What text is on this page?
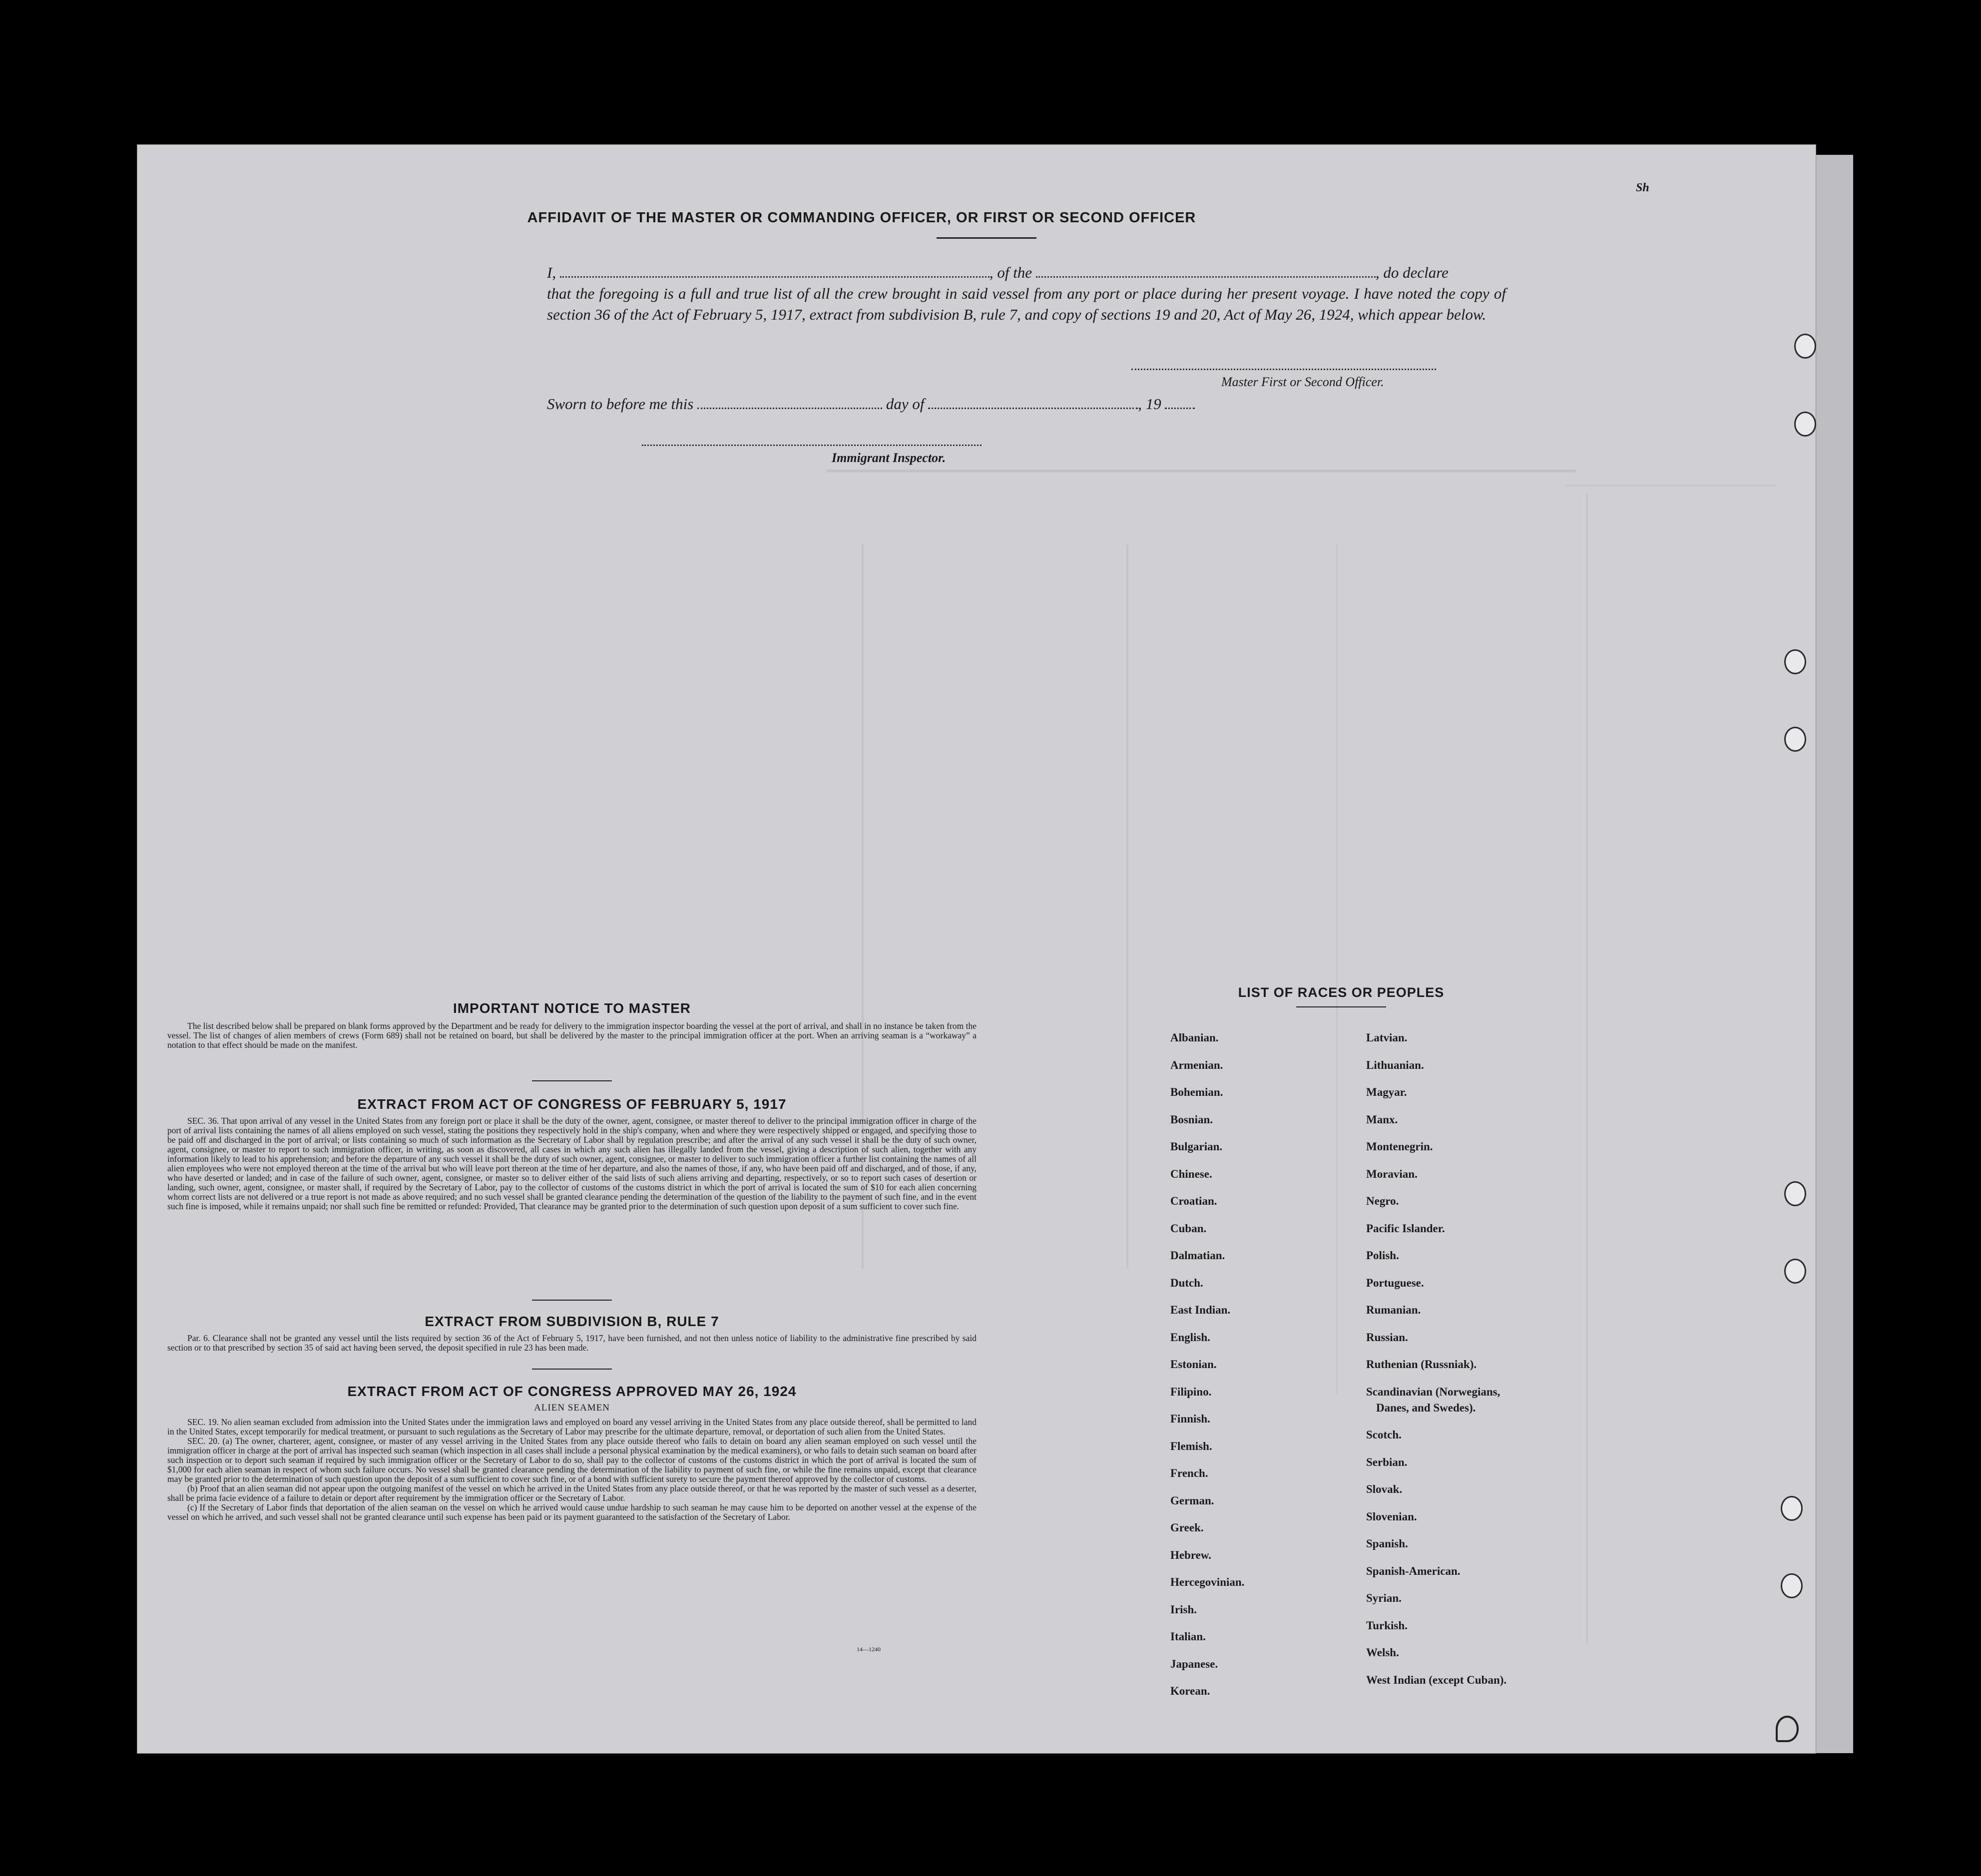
AFFIDAVIT OF THE MASTER OR COMMANDING OFFICER, OR FIRST OR SECOND OFFICER
I,	, of the	, do declare
that the foregoing is a full and true list of all the crew brought in said vessel from any port or place during her present voyage. I have noted the copy of section 36 of the Act of February 5, 1917, extract from subdivision B, rule 7, and copy of sections 19 and 20, Act of May 26, 1924, which appear below.
Master First or Second Officer.
Sworn to before me this	day of	, 19
Immigrant Inspector.
IMPORTANT NOTICE TO MASTER

The list described below shall be prepared on blank forms approved by the Department and be ready for delivery to the immigration inspector boarding the vessel at the port of arrival, and shall in no instance be taken from the vessel. The list of changes of alien members of crews (Form 689) shall not be retained on board, but shall be delivered by the master to the principal immigration officer at the port. When an arriving seaman is a “workaway” a notation to that effect should be made on the manifest.

EXTRACT FROM ACT OF CONGRESS OF FEBRUARY 5, 1917

SEC. 36. That upon arrival of any vessel in the United States from any foreign port or place it shall be the duty of the owner, agent, consignee, or master thereof to deliver to the principal immigration officer in charge of the port of arrival lists containing the names of all aliens employed on such vessel, stating the positions they respectively hold in the ship's company, when and where they were respectively shipped or engaged, and specifying those to be paid off and discharged in the port of arrival; or lists containing so much of such information as the Secretary of Labor shall by regulation prescribe; and after the arrival of any such vessel it shall be the duty of such owner, agent, consignee, or master to report to such immigration officer, in writing, as soon as discovered, all cases in which any such alien has illegally landed from the vessel, giving a description of such alien, together with any information likely to lead to his apprehension; and before the departure of any such vessel it shall be the duty of such owner, agent, consignee, or master to deliver to such immigration officer a further list containing the names of all alien employees who were not employed thereon at the time of the arrival but who will leave port thereon at the time of her departure, and also the names of those, if any, who have been paid off and discharged, and of those, if any, who have deserted or landed; and in case of the failure of such owner, agent, consignee, or master so to deliver either of the said lists of such aliens arriving and departing, respectively, or so to report such cases of desertion or landing, such owner, agent, consignee, or master shall, if required by the Secretary of Labor, pay to the collector of customs of the customs district in which the port of arrival is located the sum of $10 for each alien concerning whom correct lists are not delivered or a true report is not made as above required; and no such vessel shall be granted clearance pending the determination of the question of the liability to the payment of such fine, and in the event such fine is imposed, while it remains unpaid; nor shall such fine be remitted or refunded: Provided, That clearance may be granted prior to the determination of such question upon deposit of a sum sufficient to cover such fine.

EXTRACT FROM SUBDIVISION B, RULE 7

Par. 6. Clearance shall not be granted any vessel until the lists required by section 36 of the Act of February 5, 1917, have been furnished, and not then unless notice of liability to the administrative fine prescribed by said section or to that prescribed by section 35 of said act having been served, the deposit specified in rule 23 has been made.

EXTRACT FROM ACT OF CONGRESS APPROVED MAY 26, 1924
ALIEN SEAMEN

SEC. 19. No alien seaman excluded from admission into the United States under the immigration laws and employed on board any vessel arriving in the United States from any place outside thereof, shall be permitted to land in the United States, except temporarily for medical treatment, or pursuant to such regulations as the Secretary of Labor may prescribe for the ultimate departure, removal, or deportation of such alien from the United States.

SEC. 20. (a) The owner, charterer, agent, consignee, or master of any vessel arriving in the United States from any place outside thereof who fails to detain on board any alien seaman employed on such vessel until the immigration officer in charge at the port of arrival has inspected such seaman (which inspection in all cases shall include a personal physical examination by the medical examiners), or who fails to detain such seaman on board after such inspection or to deport such seaman if required by such immigration officer or the Secretary of Labor to do so, shall pay to the collector of customs of the customs district in which the port of arrival is located the sum of $1,000 for each alien seaman in respect of whom such failure occurs. No vessel shall be granted clearance pending the determination of the liability to payment of such fine, or while the fine remains unpaid, except that clearance may be granted prior to the determination of such question upon the deposit of a sum sufficient to cover such fine, or of a bond with sufficient surety to secure the payment thereof approved by the collector of customs.

(b) Proof that an alien seaman did not appear upon the outgoing manifest of the vessel on which he arrived in the United States from any place outside thereof, or that he was reported by the master of such vessel as a deserter, shall be prima facie evidence of a failure to detain or deport after requirement by the immigration officer or the Secretary of Labor.

(c) If the Secretary of Labor finds that deportation of the alien seaman on the vessel on which he arrived would cause undue hardship to such seaman he may cause him to be deported on another vessel at the expense of the vessel on which he arrived, and such vessel shall not be granted clearance until such expense has been paid or its payment guaranteed to the satisfaction of the Secretary of Labor.

14—1240
LIST OF RACES OR PEOPLES
Albanian.
Armenian.
Bohemian.
Bosnian.
Bulgarian.
Chinese.
Croatian.
Cuban.
Dalmatian.
Dutch.
East Indian.
English.
Estonian.
Filipino.
Finnish.
Flemish.
French.
German.
Greek.
Hebrew.
Hercegovinian.
Irish.
Italian.
Japanese.
Korean.
Latvian.
Lithuanian.
Magyar.
Manx.
Montenegrin.
Moravian.
Negro.
Pacific Islander.
Polish.
Portuguese.
Rumanian.
Russian.
Ruthenian (Russniak).
Scandinavian (Norwegians,
Danes, and Swedes).
Scotch.
Serbian.
Slovak.
Slovenian.
Spanish.
Spanish-American.
Syrian.
Turkish.
Welsh.
West Indian (except Cuban).
Sh
